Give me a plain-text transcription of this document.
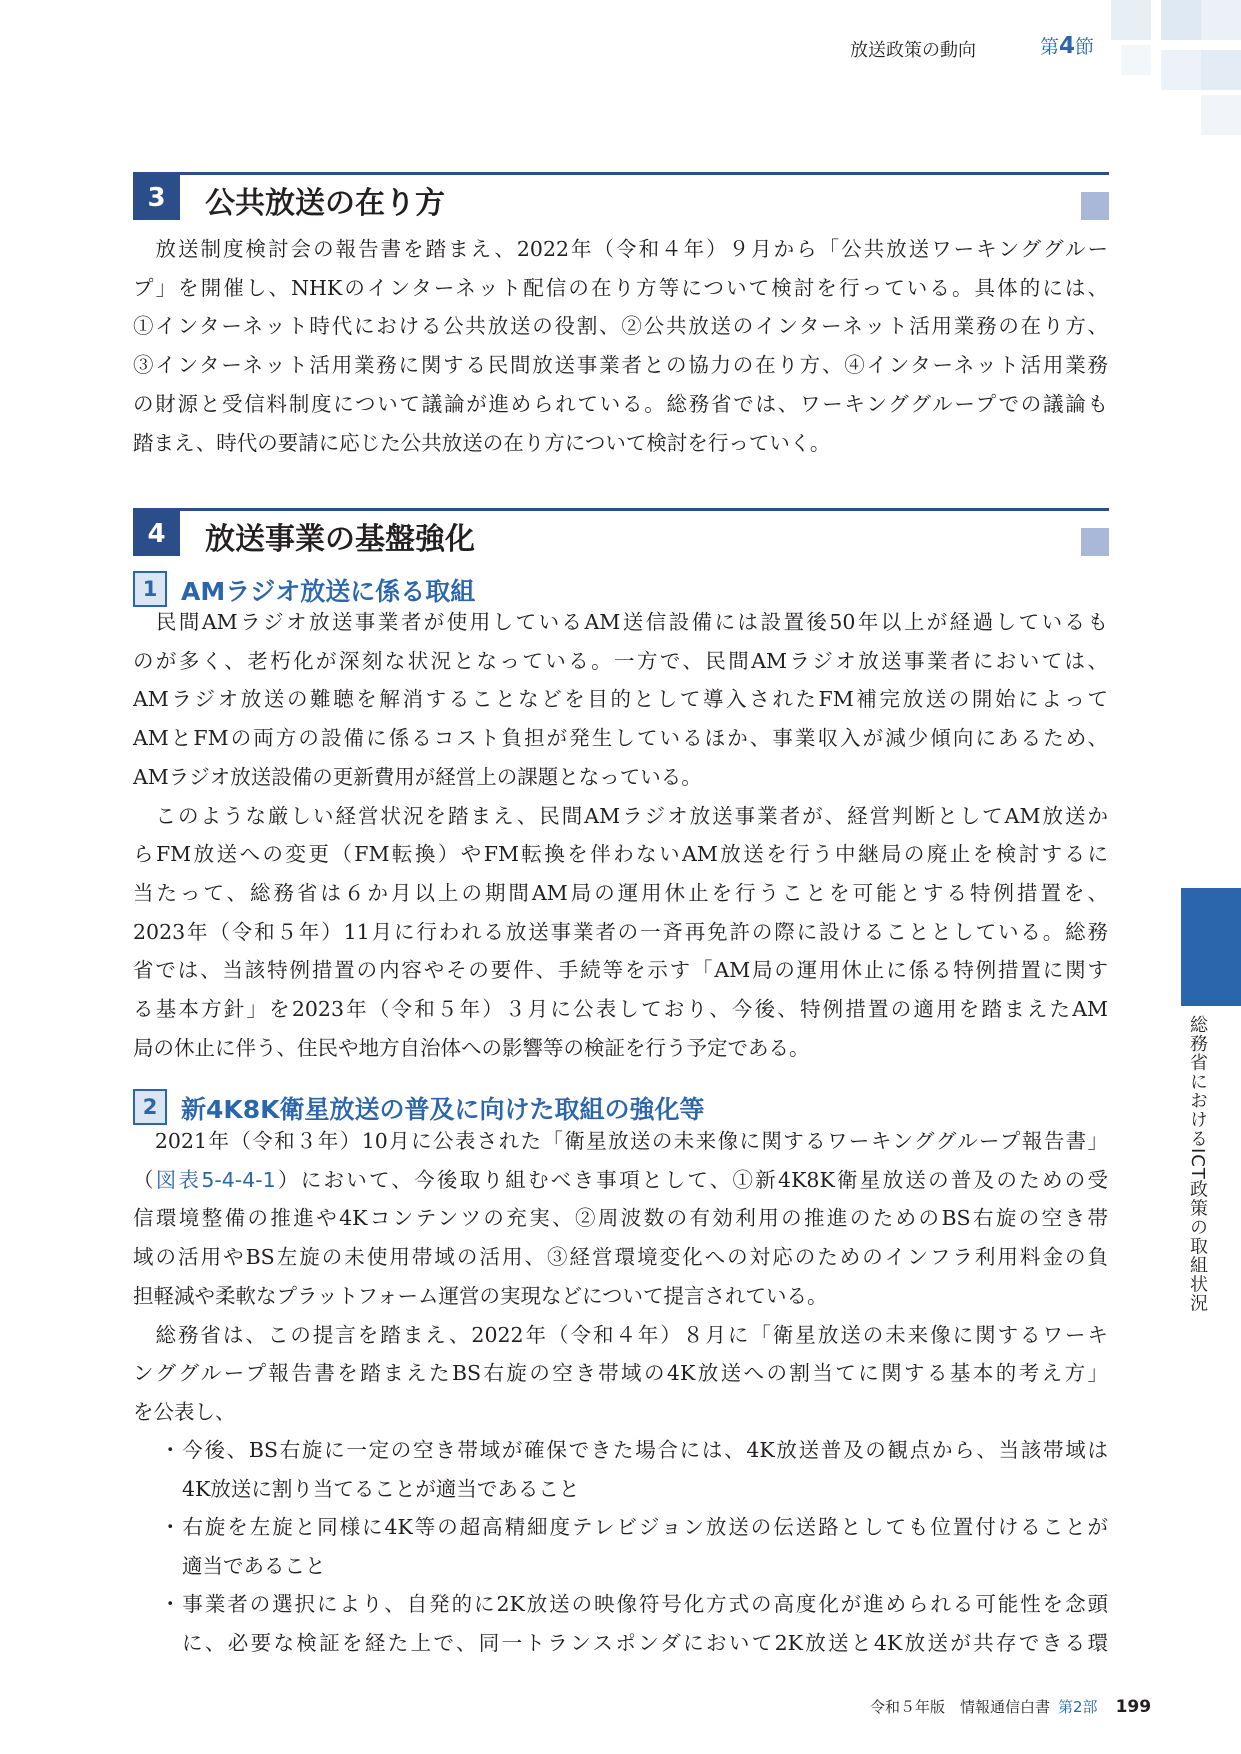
放送政策の動向	第4節
3	公共放送の在り方
　放送制度検討会の報告書を踏まえ、2022年（令和４年）９月から「公共放送ワーキンググルー
プ」を開催し、NHKのインターネット配信の在り方等について検討を行っている。具体的には、
①インターネット時代における公共放送の役割、②公共放送のインターネット活用業務の在り方、
③インターネット活用業務に関する民間放送事業者との協力の在り方、④インターネット活用業務
の財源と受信料制度について議論が進められている。総務省では、ワーキンググループでの議論も
踏まえ、時代の要請に応じた公共放送の在り方について検討を行っていく。
4	放送事業の基盤強化
1 AMラジオ放送に係る取組
　民間AMラジオ放送事業者が使用しているAM送信設備には設置後50年以上が経過しているも
のが多く、老朽化が深刻な状況となっている。一方で、民間AMラジオ放送事業者においては、
AMラジオ放送の難聴を解消することなどを目的として導入されたFM補完放送の開始によって
AMとFMの両方の設備に係るコスト負担が発生しているほか、事業収入が減少傾向にあるため、
AMラジオ放送設備の更新費用が経営上の課題となっている。
　このような厳しい経営状況を踏まえ、民間AMラジオ放送事業者が、経営判断としてAM放送か
らFM放送への変更（FM転換）やFM転換を伴わないAM放送を行う中継局の廃止を検討するに
当たって、総務省は６か月以上の期間AM局の運用休止を行うことを可能とする特例措置を、
2023年（令和５年）11月に行われる放送事業者の一斉再免許の際に設けることとしている。総務
省では、当該特例措置の内容やその要件、手続等を示す「AM局の運用休止に係る特例措置に関す
る基本方針」を2023年（令和５年）３月に公表しており、今後、特例措置の適用を踏まえたAM
局の休止に伴う、住民や地方自治体への影響等の検証を行う予定である。
2 新4K8K衛星放送の普及に向けた取組の強化等
　2021年（令和３年）10月に公表された「衛星放送の未来像に関するワーキンググループ報告書」
（図表5-4-4-1）において、今後取り組むべき事項として、①新4K8K衛星放送の普及のための受
信環境整備の推進や4Kコンテンツの充実、②周波数の有効利用の推進のためのBS右旋の空き帯
域の活用やBS左旋の未使用帯域の活用、③経営環境変化への対応のためのインフラ利用料金の負
担軽減や柔軟なプラットフォーム運営の実現などについて提言されている。
　総務省は、この提言を踏まえ、2022年（令和４年）８月に「衛星放送の未来像に関するワーキ
ンググループ報告書を踏まえたBS右旋の空き帯域の4K放送への割当てに関する基本的考え方」
を公表し、
・今後、BS右旋に一定の空き帯域が確保できた場合には、4K放送普及の観点から、当該帯域は
4K放送に割り当てることが適当であること
・右旋を左旋と同様に4K等の超高精細度テレビジョン放送の伝送路としても位置付けることが
適当であること
・事業者の選択により、自発的に2K放送の映像符号化方式の高度化が進められる可能性を念頭
に、必要な検証を経た上で、同一トランスポンダにおいて2K放送と4K放送が共存できる環
第
5
章
総務省におけるICT政策の取組状況
令和５年版　情報通信白書 第2部 199
